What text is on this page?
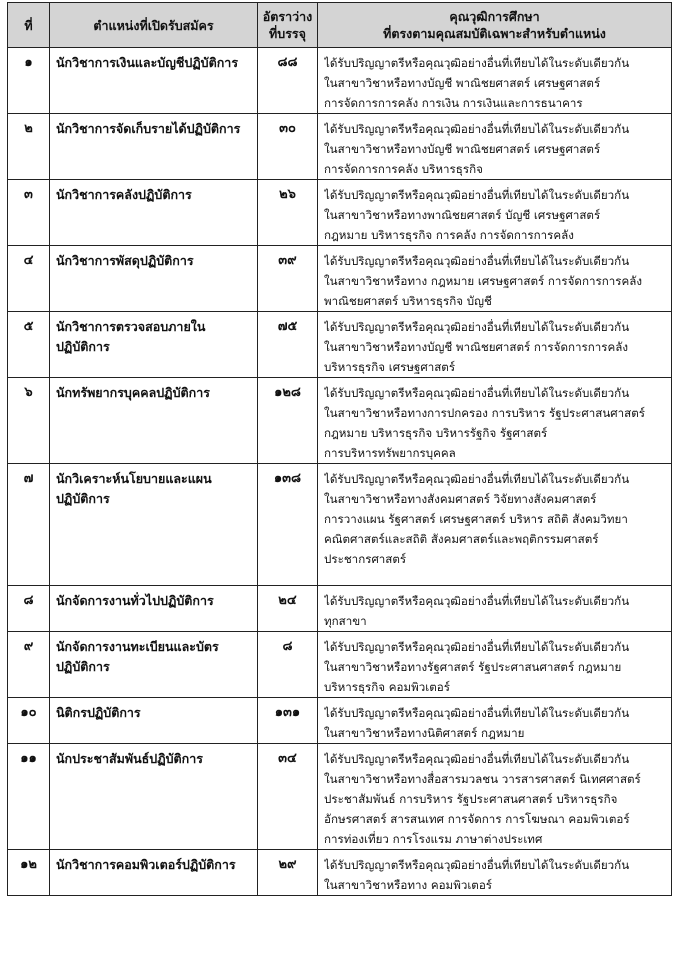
ที่	ตำแหน่งที่เปิดรับสมัคร	อัตราว่าง
ที่บรรจุ	คุณวุฒิการศึกษา
ที่ตรงตามคุณสมบัติเฉพาะสำหรับตำแหน่ง

๑	นักวิชาการเงินและบัญชีปฏิบัติการ	๘๘	ได้รับปริญญาตรีหรือคุณวุฒิอย่างอื่นที่เทียบได้ในระดับเดียวกัน
ในสาขาวิชาหรือทางบัญชี พาณิชยศาสตร์ เศรษฐศาสตร์
การจัดการการคลัง การเงิน การเงินและการธนาคาร

๒	นักวิชาการจัดเก็บรายได้ปฏิบัติการ	๓๐	ได้รับปริญญาตรีหรือคุณวุฒิอย่างอื่นที่เทียบได้ในระดับเดียวกัน
ในสาขาวิชาหรือทางบัญชี พาณิชยศาสตร์ เศรษฐศาสตร์
การจัดการการคลัง บริหารธุรกิจ

๓	นักวิชาการคลังปฏิบัติการ	๒๖	ได้รับปริญญาตรีหรือคุณวุฒิอย่างอื่นที่เทียบได้ในระดับเดียวกัน
ในสาขาวิชาหรือทางพาณิชยศาสตร์ บัญชี เศรษฐศาสตร์
กฎหมาย บริหารธุรกิจ การคลัง การจัดการการคลัง

๔	นักวิชาการพัสดุปฏิบัติการ	๓๙	ได้รับปริญญาตรีหรือคุณวุฒิอย่างอื่นที่เทียบได้ในระดับเดียวกัน
ในสาขาวิชาหรือทาง กฎหมาย เศรษฐศาสตร์ การจัดการการคลัง
พาณิชยศาสตร์ บริหารธุรกิจ บัญชี

๕	นักวิชาการตรวจสอบภายใน
ปฏิบัติการ	๗๕	ได้รับปริญญาตรีหรือคุณวุฒิอย่างอื่นที่เทียบได้ในระดับเดียวกัน
ในสาขาวิชาหรือทางบัญชี พาณิชยศาสตร์ การจัดการการคลัง
บริหารธุรกิจ เศรษฐศาสตร์

๖	นักทรัพยากรบุคคลปฏิบัติการ	๑๒๘	ได้รับปริญญาตรีหรือคุณวุฒิอย่างอื่นที่เทียบได้ในระดับเดียวกัน
ในสาขาวิชาหรือทางการปกครอง การบริหาร รัฐประศาสนศาสตร์
กฎหมาย บริหารธุรกิจ บริหารรัฐกิจ รัฐศาสตร์
การบริหารทรัพยากรบุคคล

๗	นักวิเคราะห์นโยบายและแผน
ปฏิบัติการ	๑๓๘	ได้รับปริญญาตรีหรือคุณวุฒิอย่างอื่นที่เทียบได้ในระดับเดียวกัน
ในสาขาวิชาหรือทางสังคมศาสตร์ วิจัยทางสังคมศาสตร์
การวางแผน รัฐศาสตร์ เศรษฐศาสตร์ บริหาร สถิติ สังคมวิทยา
คณิตศาสตร์และสถิติ สังคมศาสตร์และพฤติกรรมศาสตร์
ประชากรศาสตร์

๘	นักจัดการงานทั่วไปปฏิบัติการ	๒๔	ได้รับปริญญาตรีหรือคุณวุฒิอย่างอื่นที่เทียบได้ในระดับเดียวกัน
ทุกสาขา

๙	นักจัดการงานทะเบียนและบัตร
ปฏิบัติการ	๘	ได้รับปริญญาตรีหรือคุณวุฒิอย่างอื่นที่เทียบได้ในระดับเดียวกัน
ในสาขาวิชาหรือทางรัฐศาสตร์ รัฐประศาสนศาสตร์ กฎหมาย
บริหารธุรกิจ คอมพิวเตอร์

๑๐	นิติกรปฏิบัติการ	๑๓๑	ได้รับปริญญาตรีหรือคุณวุฒิอย่างอื่นที่เทียบได้ในระดับเดียวกัน
ในสาขาวิชาหรือทางนิติศาสตร์ กฎหมาย

๑๑	นักประชาสัมพันธ์ปฏิบัติการ	๓๔	ได้รับปริญญาตรีหรือคุณวุฒิอย่างอื่นที่เทียบได้ในระดับเดียวกัน
ในสาขาวิชาหรือทางสื่อสารมวลชน วารสารศาสตร์ นิเทศศาสตร์
ประชาสัมพันธ์ การบริหาร รัฐประศาสนศาสตร์ บริหารธุรกิจ
อักษรศาสตร์ สารสนเทศ การจัดการ การโฆษณา คอมพิวเตอร์
การท่องเที่ยว การโรงแรม ภาษาต่างประเทศ

๑๒	นักวิชาการคอมพิวเตอร์ปฏิบัติการ	๒๙	ได้รับปริญญาตรีหรือคุณวุฒิอย่างอื่นที่เทียบได้ในระดับเดียวกัน
ในสาขาวิชาหรือทาง คอมพิวเตอร์
